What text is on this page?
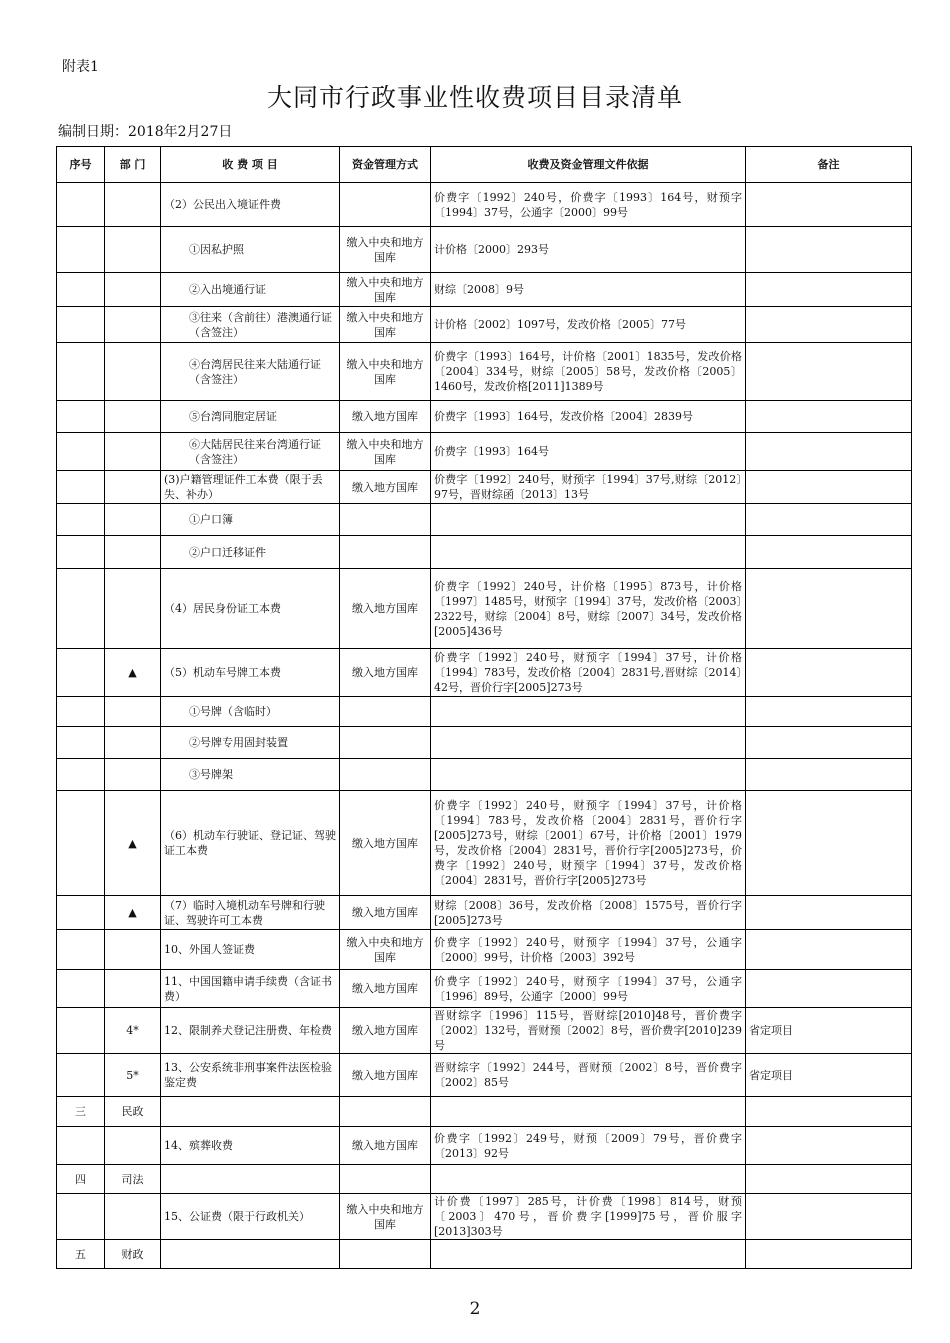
附表1
大同市行政事业性收费项目目录清单
编制日期：2018年2月27日
序号	部 门	收 费 项 目	资金管理方式	收费及资金管理文件依据	备注
		（2）公民出入境证件费		价费字〔1992〕240号，价费字〔1993〕164号，财预字〔1994〕37号，公通字〔2000〕99号	
		①因私护照	缴入中央和地方国库	计价格〔2000〕293号	
		②入出境通行证	缴入中央和地方国库	财综〔2008〕9号	
		③往来（含前往）港澳通行证（含签注）	缴入中央和地方国库	计价格〔2002〕1097号，发改价格〔2005〕77号	
		④台湾居民往来大陆通行证（含签注）	缴入中央和地方国库	价费字〔1993〕164号，计价格〔2001〕1835号，发改价格〔2004〕334号，财综〔2005〕58号，发改价格〔2005〕1460号，发改价格[2011]1389号	
		⑤台湾同胞定居证	缴入地方国库	价费字〔1993〕164号，发改价格〔2004〕2839号	
		⑥大陆居民往来台湾通行证（含签注）	缴入中央和地方国库	价费字〔1993〕164号	
		(3)户籍管理证件工本费（限于丢失、补办）	缴入地方国库	价费字〔1992〕240号，财预字〔1994〕37号,财综〔2012〕97号，晋财综函〔2013〕13号	
		①户口簿			
		②户口迁移证件			
		（4）居民身份证工本费	缴入地方国库	价费字〔1992〕240号，计价格〔1995〕873号，计价格〔1997〕1485号，财预字〔1994〕37号，发改价格〔2003〕2322号，财综〔2004〕8号，财综〔2007〕34号，发改价格[2005]436号	
	▲	（5）机动车号牌工本费	缴入地方国库	价费字〔1992〕240号，财预字〔1994〕37号，计价格〔1994〕783号，发改价格〔2004〕2831号,晋财综〔2014〕42号，晋价行字[2005]273号	
		①号牌（含临时）			
		②号牌专用固封装置			
		③号牌架			
	▲	（6）机动车行驶证、登记证、驾驶证工本费	缴入地方国库	价费字〔1992〕240号，财预字〔1994〕37号，计价格〔1994〕783号，发改价格〔2004〕2831号，晋价行字[2005]273号，财综〔2001〕67号，计价格〔2001〕1979号，发改价格〔2004〕2831号，晋价行字[2005]273号，价费字〔1992〕240号，财预字〔1994〕37号，发改价格〔2004〕2831号，晋价行字[2005]273号	
	▲	（7）临时入境机动车号牌和行驶证、驾驶许可工本费	缴入地方国库	财综〔2008〕36号，发改价格〔2008〕1575号，晋价行字[2005]273号	
		10、外国人签证费	缴入中央和地方国库	价费字〔1992〕240号，财预字〔1994〕37号，公通字〔2000〕99号，计价格〔2003〕392号	
		11、中国国籍申请手续费（含证书费）	缴入地方国库	价费字〔1992〕240号，财预字〔1994〕37号，公通字〔1996〕89号，公通字〔2000〕99号	
	4*	12、限制养犬登记注册费、年检费	缴入地方国库	晋财综字〔1996〕115号，晋财综[2010]48号，晋价费字〔2002〕132号，晋财预〔2002〕8号，晋价费字[2010]239号	省定项目
	5*	13、公安系统非刑事案件法医检验鉴定费	缴入地方国库	晋财综字〔1992〕244号，晋财预〔2002〕8号，晋价费字〔2002〕85号	省定项目
三	民政				
		14、殡葬收费	缴入地方国库	价费字〔1992〕249号，财预〔2009〕79号，晋价费字〔2013〕92号	
四	司法				
		15、公证费（限于行政机关）	缴入中央和地方国库	计价费〔1997〕285号，计价费〔1998〕814号，财预〔2003〕470号，晋价费字[1999]75号，晋价服字[2013]303号	
五	财政				
2
